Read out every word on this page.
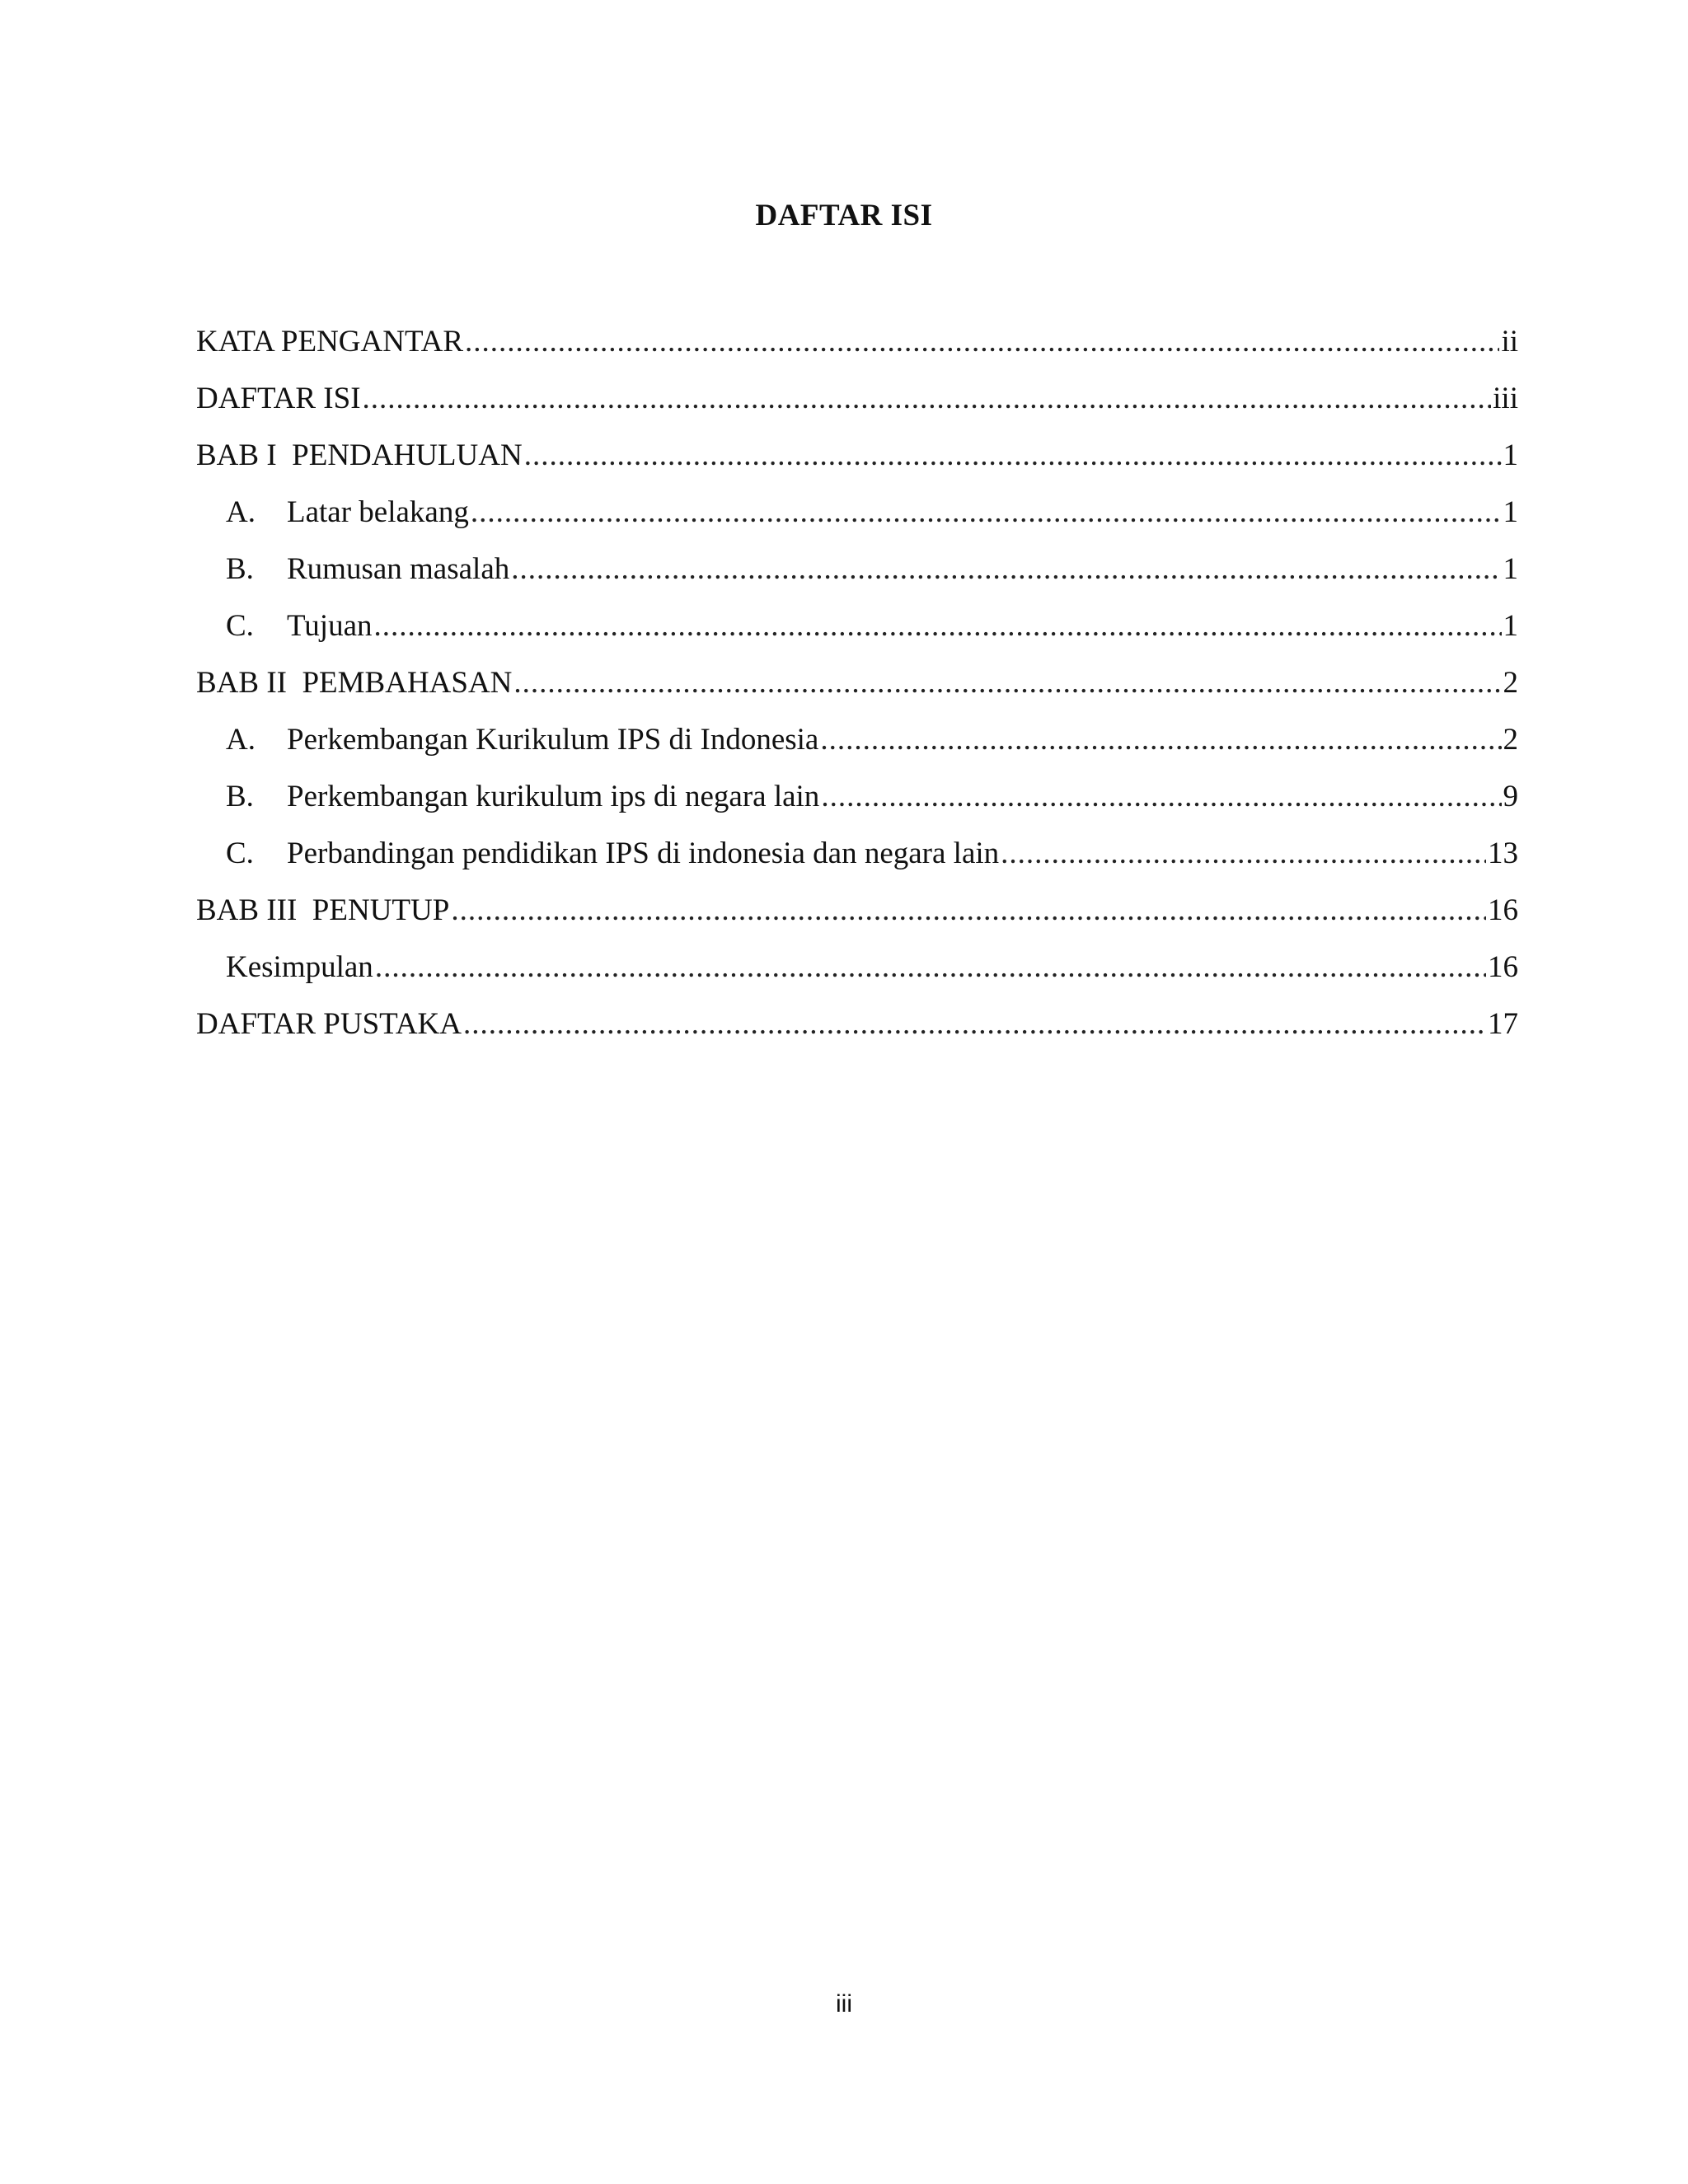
DAFTAR ISI
KATA PENGANTAR .....	ii
DAFTAR ISI .....	iii
BAB I  PENDAHULUAN .....	1
A.	Latar belakang .....	1
B.	Rumusan masalah .....	1
C.	Tujuan .....	1
BAB II  PEMBAHASAN .....	2
A.	Perkembangan Kurikulum IPS di Indonesia .....	2
B.	Perkembangan kurikulum ips di negara lain .....	9
C.	Perbandingan pendidikan IPS di indonesia dan negara lain .....	13
BAB III  PENUTUP .....	16
Kesimpulan .....	16
DAFTAR PUSTAKA .....	17
iii
